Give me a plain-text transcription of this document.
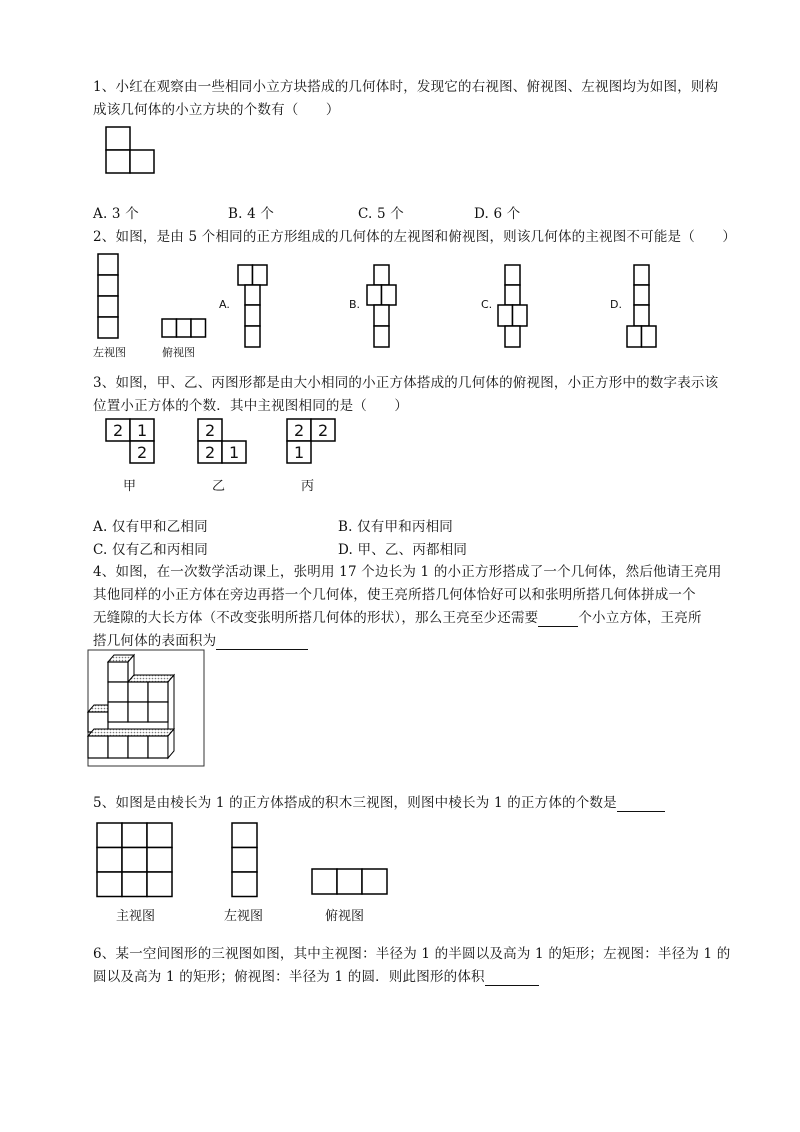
1、小红在观察由一些相同小立方块搭成的几何体时，发现它的右视图、俯视图、左视图均为如图，则构
成该几何体的小立方块的个数有（　　）
A. 3 个	B. 4 个	C. 5 个	D. 6 个
2、如图，是由 5 个相同的正方形组成的几何体的左视图和俯视图，则该几何体的主视图不可能是（　　）
左视图	俯视图
A.	B.	C.	D.
3、如图，甲、乙、丙图形都是由大小相同的小正方体搭成的几何体的俯视图，小正方形中的数字表示该
位置小正方体的个数．其中主视图相同的是（　　）
2 1
2
甲
2
2 1
乙
2 2
1
丙
A. 仅有甲和乙相同	B. 仅有甲和丙相同
C. 仅有乙和丙相同	D. 甲、乙、丙都相同
4、如图，在一次数学活动课上，张明用 17 个边长为 1 的小正方形搭成了一个几何体，然后他请王亮用
其他同样的小正方体在旁边再搭一个几何体，使王亮所搭几何体恰好可以和张明所搭几何体拼成一个
无缝隙的大长方体（不改变张明所搭几何体的形状），那么王亮至少还需要	个小立方体，王亮所
搭几何体的表面积为
5、如图是由棱长为 1 的正方体搭成的积木三视图，则图中棱长为 1 的正方体的个数是
主视图	左视图	俯视图
6、某一空间图形的三视图如图，其中主视图：半径为 1 的半圆以及高为 1 的矩形；左视图：半径为 1 的
圆以及高为 1 的矩形；俯视图：半径为 1 的圆．则此图形的体积
